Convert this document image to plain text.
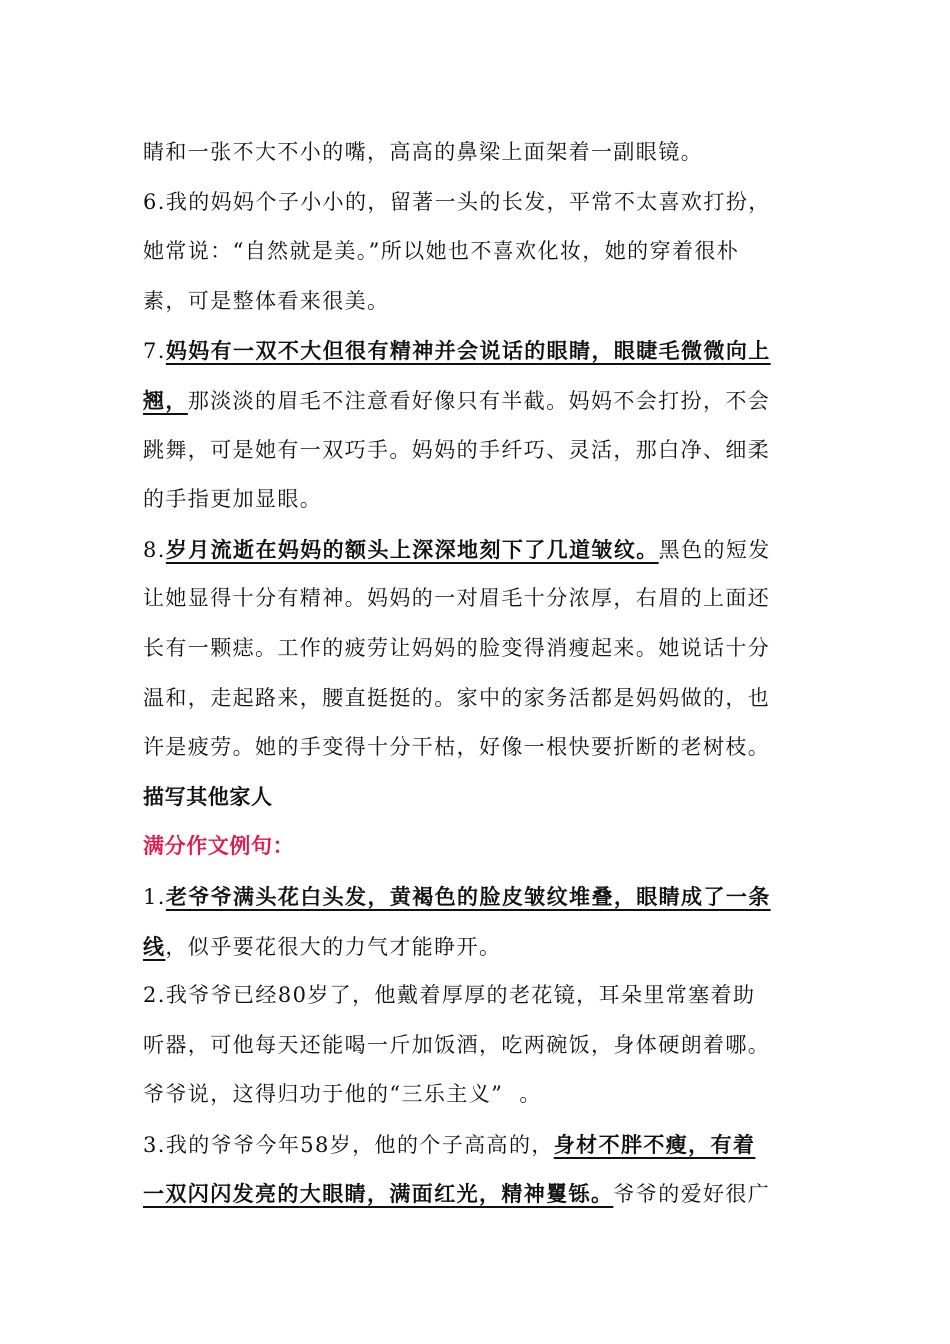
睛和一张不大不小的嘴，高高的鼻梁上面架着一副眼镜。
6.我的妈妈个子小小的，留著一头的长发，平常不太喜欢打扮，
她常说：“自然就是美。”所以她也不喜欢化妆，她的穿着很朴
素，可是整体看来很美。
7.妈妈有一双不大但很有精神并会说话的眼睛，眼睫毛微微向上
翘，那淡淡的眉毛不注意看好像只有半截。妈妈不会打扮，不会
跳舞，可是她有一双巧手。妈妈的手纤巧、灵活，那白净、细柔
的手指更加显眼。
8.岁月流逝在妈妈的额头上深深地刻下了几道皱纹。黑色的短发
让她显得十分有精神。妈妈的一对眉毛十分浓厚，右眉的上面还
长有一颗痣。工作的疲劳让妈妈的脸变得消瘦起来。她说话十分
温和，走起路来，腰直挺挺的。家中的家务活都是妈妈做的，也
许是疲劳。她的手变得十分干枯，好像一根快要折断的老树枝。
描写其他家人
满分作文例句：
1.老爷爷满头花白头发，黄褐色的脸皮皱纹堆叠，眼睛成了一条
线，似乎要花很大的力气才能睁开。
2.我爷爷已经80岁了，他戴着厚厚的老花镜，耳朵里常塞着助
听器，可他每天还能喝一斤加饭酒，吃两碗饭，身体硬朗着哪。
爷爷说，这得归功于他的“三乐主义”  。
3.我的爷爷今年58岁，他的个子高高的，身材不胖不瘦，有着
一双闪闪发亮的大眼睛，满面红光，精神矍铄。爷爷的爱好很广
